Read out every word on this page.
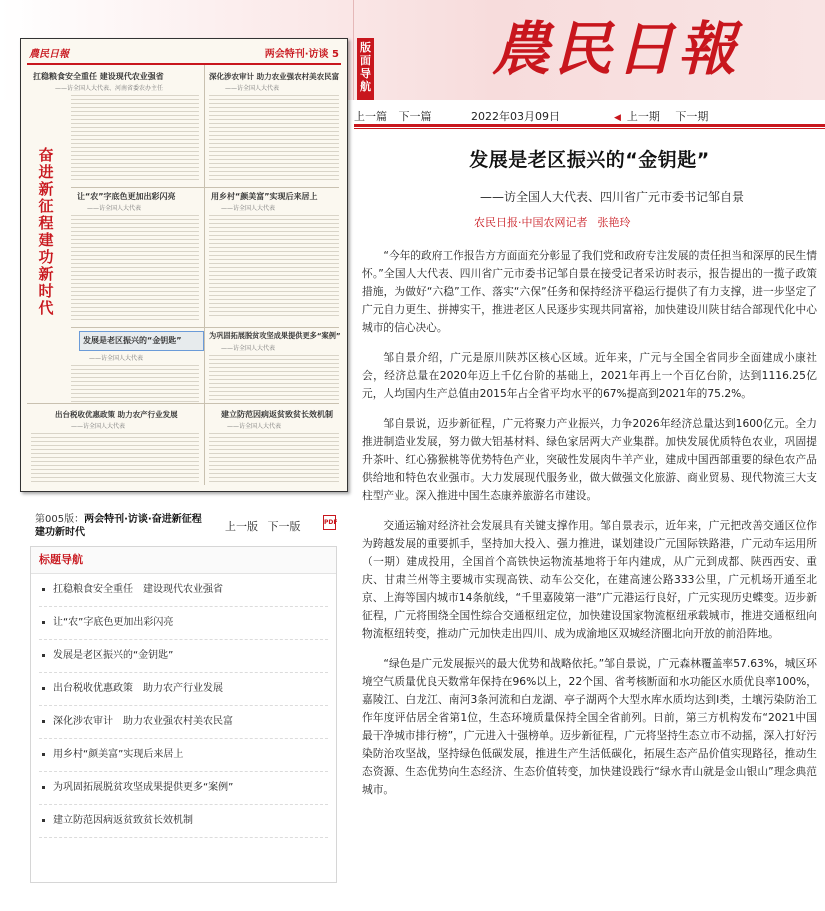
農民日報
版面导航
農民日報	两会特刊·访谈 5
扛稳粮食安全重任 建设现代农业强省
——访全国人大代表、河南省委农办主任
深化涉农审计 助力农业强农村美农民富
——访全国人大代表
奋
进
新
征
程
建
功
新
时
代
让“农”字底色更加出彩闪亮
——访全国人大代表
用乡村“颜美富”实现后来居上
——访全国人大代表
发展是老区振兴的“金钥匙”
——访全国人大代表
为巩固拓展脱贫攻坚成果提供更多“案例”
——访全国人大代表
出台税收优惠政策 助力农产行业发展
——访全国人大代表
建立防范因病返贫致贫长效机制
——访全国人大代表
第005版：两会特刊·访谈·奋进新征程　建功新时代	上一版 下一版	PDF
标题导航
扛稳粮食安全重任　建设现代农业强省
让“农”字底色更加出彩闪亮
发展是老区振兴的“金钥匙”
出台税收优惠政策　助力农产行业发展
深化涉农审计　助力农业强农村美农民富
用乡村“颜美富”实现后来居上
为巩固拓展脱贫攻坚成果提供更多“案例”
建立防范因病返贫致贫长效机制
上一篇 下一篇	2022年03月09日	◀ 上一期 下一期
发展是老区振兴的“金钥匙”
——访全国人大代表、四川省广元市委书记邹自景
农民日报·中国农网记者 张艳玲

“今年的政府工作报告方方面面充分彰显了我们党和政府专注发展的责任担当和深厚的民生情怀。”全国人大代表、四川省广元市委书记邹自景在接受记者采访时表示，报告提出的一揽子政策措施，为做好“六稳”工作、落实“六保”任务和保持经济平稳运行提供了有力支撑，进一步坚定了广元自力更生、拼搏实干，推进老区人民逐步实现共同富裕，加快建设川陕甘结合部现代化中心城市的信心决心。

邹自景介绍，广元是原川陕苏区核心区域。近年来，广元与全国全省同步全面建成小康社会，经济总量在2020年迈上千亿台阶的基础上，2021年再上一个百亿台阶，达到1116.25亿元，人均国内生产总值由2015年占全省平均水平的67%提高到2021年的75.2%。

邹自景说，迈步新征程，广元将聚力产业振兴，力争2026年经济总量达到1600亿元。全力推进制造业发展，努力做大铝基材料、绿色家居两大产业集群。加快发展优质特色农业，巩固提升茶叶、红心猕猴桃等优势特色产业，突破性发展肉牛羊产业，建成中国西部重要的绿色农产品供给地和特色农业强市。大力发展现代服务业，做大做强文化旅游、商业贸易、现代物流三大支柱型产业。深入推进中国生态康养旅游名市建设。

交通运输对经济社会发展具有关键支撑作用。邹自景表示，近年来，广元把改善交通区位作为跨越发展的重要抓手，坚持加大投入、强力推进，谋划建设广元国际铁路港，广元动车运用所（一期）建成投用，全国首个高铁快运物流基地将于年内建成，从广元到成都、陕西西安、重庆、甘肃兰州等主要城市实现高铁、动车公交化，在建高速公路333公里，广元机场开通至北京、上海等国内城市14条航线，“千里嘉陵第一港”广元港运行良好，广元实现历史蝶变。迈步新征程，广元将围绕全国性综合交通枢纽定位，加快建设国家物流枢纽承载城市，推进交通枢纽向物流枢纽转变，推动广元加快走出四川、成为成渝地区双城经济圈北向开放的前沿阵地。

“绿色是广元发展振兴的最大优势和战略依托。”邹自景说，广元森林覆盖率57.63%，城区环境空气质量优良天数常年保持在96%以上，22个国、省考核断面和水功能区水质优良率100%，嘉陵江、白龙江、南河3条河流和白龙湖、亭子湖两个大型水库水质均达到Ⅰ类，土壤污染防治工作年度评估居全省第1位，生态环境质量保持全国全省前列。日前，第三方机构发布“2021中国最干净城市排行榜”，广元进入十强榜单。迈步新征程，广元将坚持生态立市不动摇，深入打好污染防治攻坚战，坚持绿色低碳发展，推进生产生活低碳化，拓展生态产品价值实现路径，推动生态资源、生态优势向生态经济、生态价值转变，加快建设践行“绿水青山就是金山银山”理念典范城市。
